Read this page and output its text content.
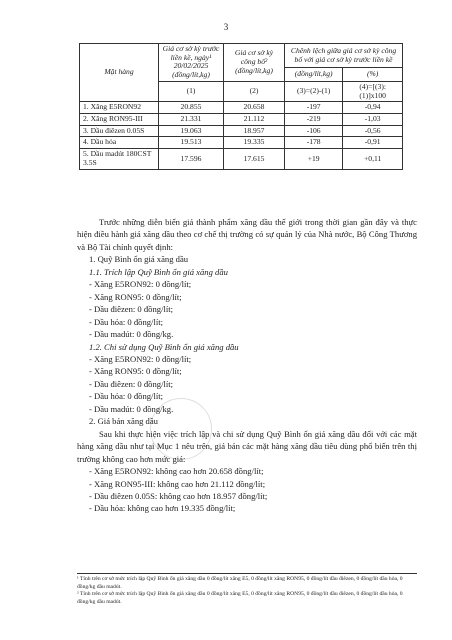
3
Mặt hàng	Giá cơ sở kỳ trước liền kề, ngày¹ 20/02/2025 (đồng/lít,kg)	Giá cơ sở kỳ công bố² (đồng/lít,kg)	Chênh lệch giữa giá cơ sở kỳ công bố với giá cơ sở kỳ trước liền kề	
			(đồng/lít,kg)	(%)
	(1)	(2)	(3)=(2)-(1)	(4)=[(3):(1)]x100
1. Xăng E5RON92	20.855	20.658	-197	-0,94
2. Xăng RON95-III	21.331	21.112	-219	-1,03
3. Dầu điêzen 0.05S	19.063	18.957	-106	-0,56
4. Dầu hỏa	19.513	19.335	-178	-0,91
5. Dầu madút 180CST 3.5S	17.596	17.615	+19	+0,11

Trước những diễn biến giá thành phẩm xăng dầu thế giới trong thời gian gần đây và thực hiện điều hành giá xăng dầu theo cơ chế thị trường có sự quản lý của Nhà nước, Bộ Công Thương và Bộ Tài chính quyết định:

1. Quỹ Bình ổn giá xăng dầu

1.1. Trích lập Quỹ Bình ổn giá xăng dầu

- Xăng E5RON92: 0 đồng/lít;

- Xăng RON95: 0 đồng/lít;

- Dầu điêzen: 0 đồng/lít;

- Dầu hỏa: 0 đồng/lít;

- Dầu madút: 0 đồng/kg.

1.2. Chi sử dụng Quỹ Bình ổn giá xăng dầu

- Xăng E5RON92: 0 đồng/lít;

- Xăng RON95: 0 đồng/lít;

- Dầu điêzen: 0 đồng/lít;

- Dầu hỏa: 0 đồng/lít;

- Dầu madút: 0 đồng/kg.

2. Giá bán xăng dầu

Sau khi thực hiện việc trích lập và chi sử dụng Quỹ Bình ổn giá xăng dầu đối với các mặt hàng xăng dầu như tại Mục 1 nêu trên, giá bán các mặt hàng xăng dầu tiêu dùng phổ biến trên thị trường không cao hơn mức giá:

- Xăng E5RON92: không cao hơn 20.658 đồng/lít;

- Xăng RON95-III: không cao hơn 21.112 đồng/lít;

- Dầu điêzen 0.05S: không cao hơn 18.957 đồng/lít;

- Dầu hỏa: không cao hơn 19.335 đồng/lít;

¹ Tính trên cơ sở mức trích lập Quỹ Bình ổn giá xăng dầu 0 đồng/lít xăng E5, 0 đồng/lít xăng RON95, 0 đồng/lít dầu điêzen, 0 đồng/lít dầu hỏa, 0 đồng/kg dầu madút.

² Tính trên cơ sở mức trích lập Quỹ Bình ổn giá xăng dầu 0 đồng/lít xăng E5, 0 đồng/lít xăng RON95, 0 đồng/lít dầu điêzen, 0 đồng/lít dầu hỏa, 0 đồng/kg dầu madút.
